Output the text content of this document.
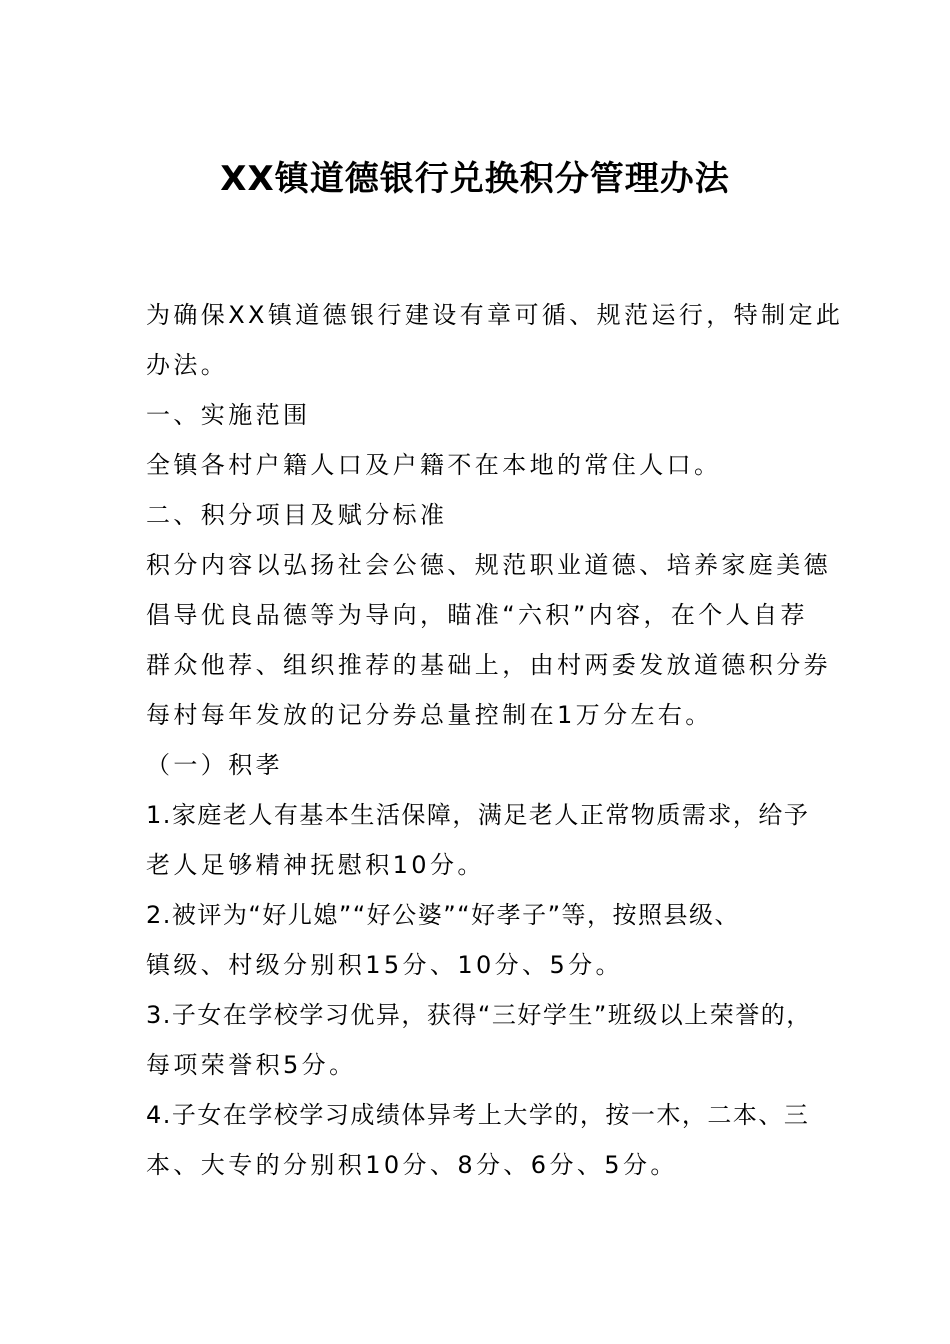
XX镇道德银行兑换积分管理办法
为确保XX镇道德银行建设有章可循、规范运行，特制定此
办法。
一、实施范围
全镇各村户籍人口及户籍不在本地的常住人口。
二、积分项目及赋分标准
积分内容以弘扬社会公德、规范职业道德、培养家庭美德
倡导优良品德等为导向，瞄准“六积”内容，在个人自荐
群众他荐、组织推荐的基础上，由村两委发放道德积分券
每村每年发放的记分券总量控制在1万分左右。
（一）积孝
1.家庭老人有基本生活保障，满足老人正常物质需求，给予
老人足够精神抚慰积10分。
2.被评为“好儿媳”“好公婆”“好孝子”等，按照县级、
镇级、村级分别积15分、10分、5分。
3.子女在学校学习优异，获得“三好学生”班级以上荣誉的，
每项荣誉积5分。
4.子女在学校学习成绩体异考上大学的，按一木，二本、三
本、大专的分别积10分、8分、6分、5分。
